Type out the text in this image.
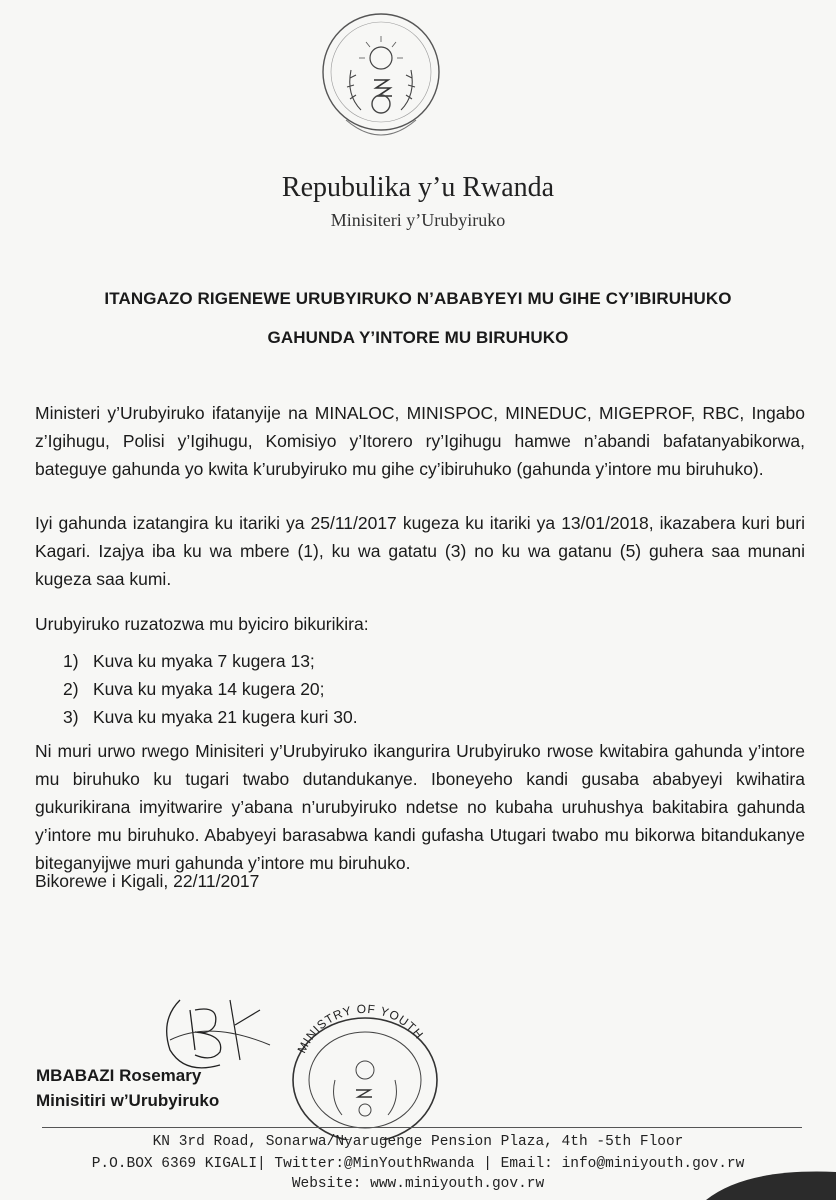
Repubulika y’u Rwanda
Minisiteri y’Urubyiruko
ITANGAZO RIGENEWE URUBYIRUKO N’ABABYEYI MU GIHE CY’IBIRUHUKO
GAHUNDA Y’INTORE MU BIRUHUKO
Ministeri y’Urubyiruko ifatanyije na MINALOC, MINISPOC, MINEDUC, MIGEPROF, RBC, Ingabo z’Igihugu, Polisi y’Igihugu, Komisiyo y’Itorero ry’Igihugu hamwe n’abandi bafatanyabikorwa, bateguye gahunda yo kwita k’urubyiruko mu gihe cy’ibiruhuko (gahunda y’intore mu biruhuko).
Iyi gahunda izatangira ku itariki ya 25/11/2017 kugeza ku itariki ya 13/01/2018, ikazabera kuri buri Kagari. Izajya iba ku wa mbere (1), ku wa gatatu (3) no ku wa gatanu (5) guhera saa munani kugeza saa kumi.
Urubyiruko ruzatozwa mu byiciro bikurikira:
1) Kuva ku myaka 7 kugera 13;
2) Kuva ku myaka 14 kugera 20;
3) Kuva ku myaka 21 kugera kuri 30.
Ni muri urwo rwego Minisiteri y’Urubyiruko ikangurira Urubyiruko rwose kwitabira gahunda y’intore mu biruhuko ku tugari twabo dutandukanye. Iboneyeho kandi gusaba ababyeyi kwihatira gukurikirana imyitwarire y’abana n’urubyiruko ndetse no kubaha uruhushya bakitabira gahunda y’intore mu biruhuko. Ababyeyi barasabwa kandi gufasha Utugari twabo mu bikorwa bitandukanye biteganyijwe muri gahunda y’intore mu biruhuko.
Bikorewe i Kigali, 22/11/2017
MINISTRY OF YOUTH
MBABAZI Rosemary
Minisitiri w’Urubyiruko
KN 3rd Road, Sonarwa/Nyarugenge Pension Plaza, 4th -5th Floor
P.O.BOX 6369 KIGALI| Twitter:@MinYouthRwanda | Email: info@miniyouth.gov.rw
Website: www.miniyouth.gov.rw
